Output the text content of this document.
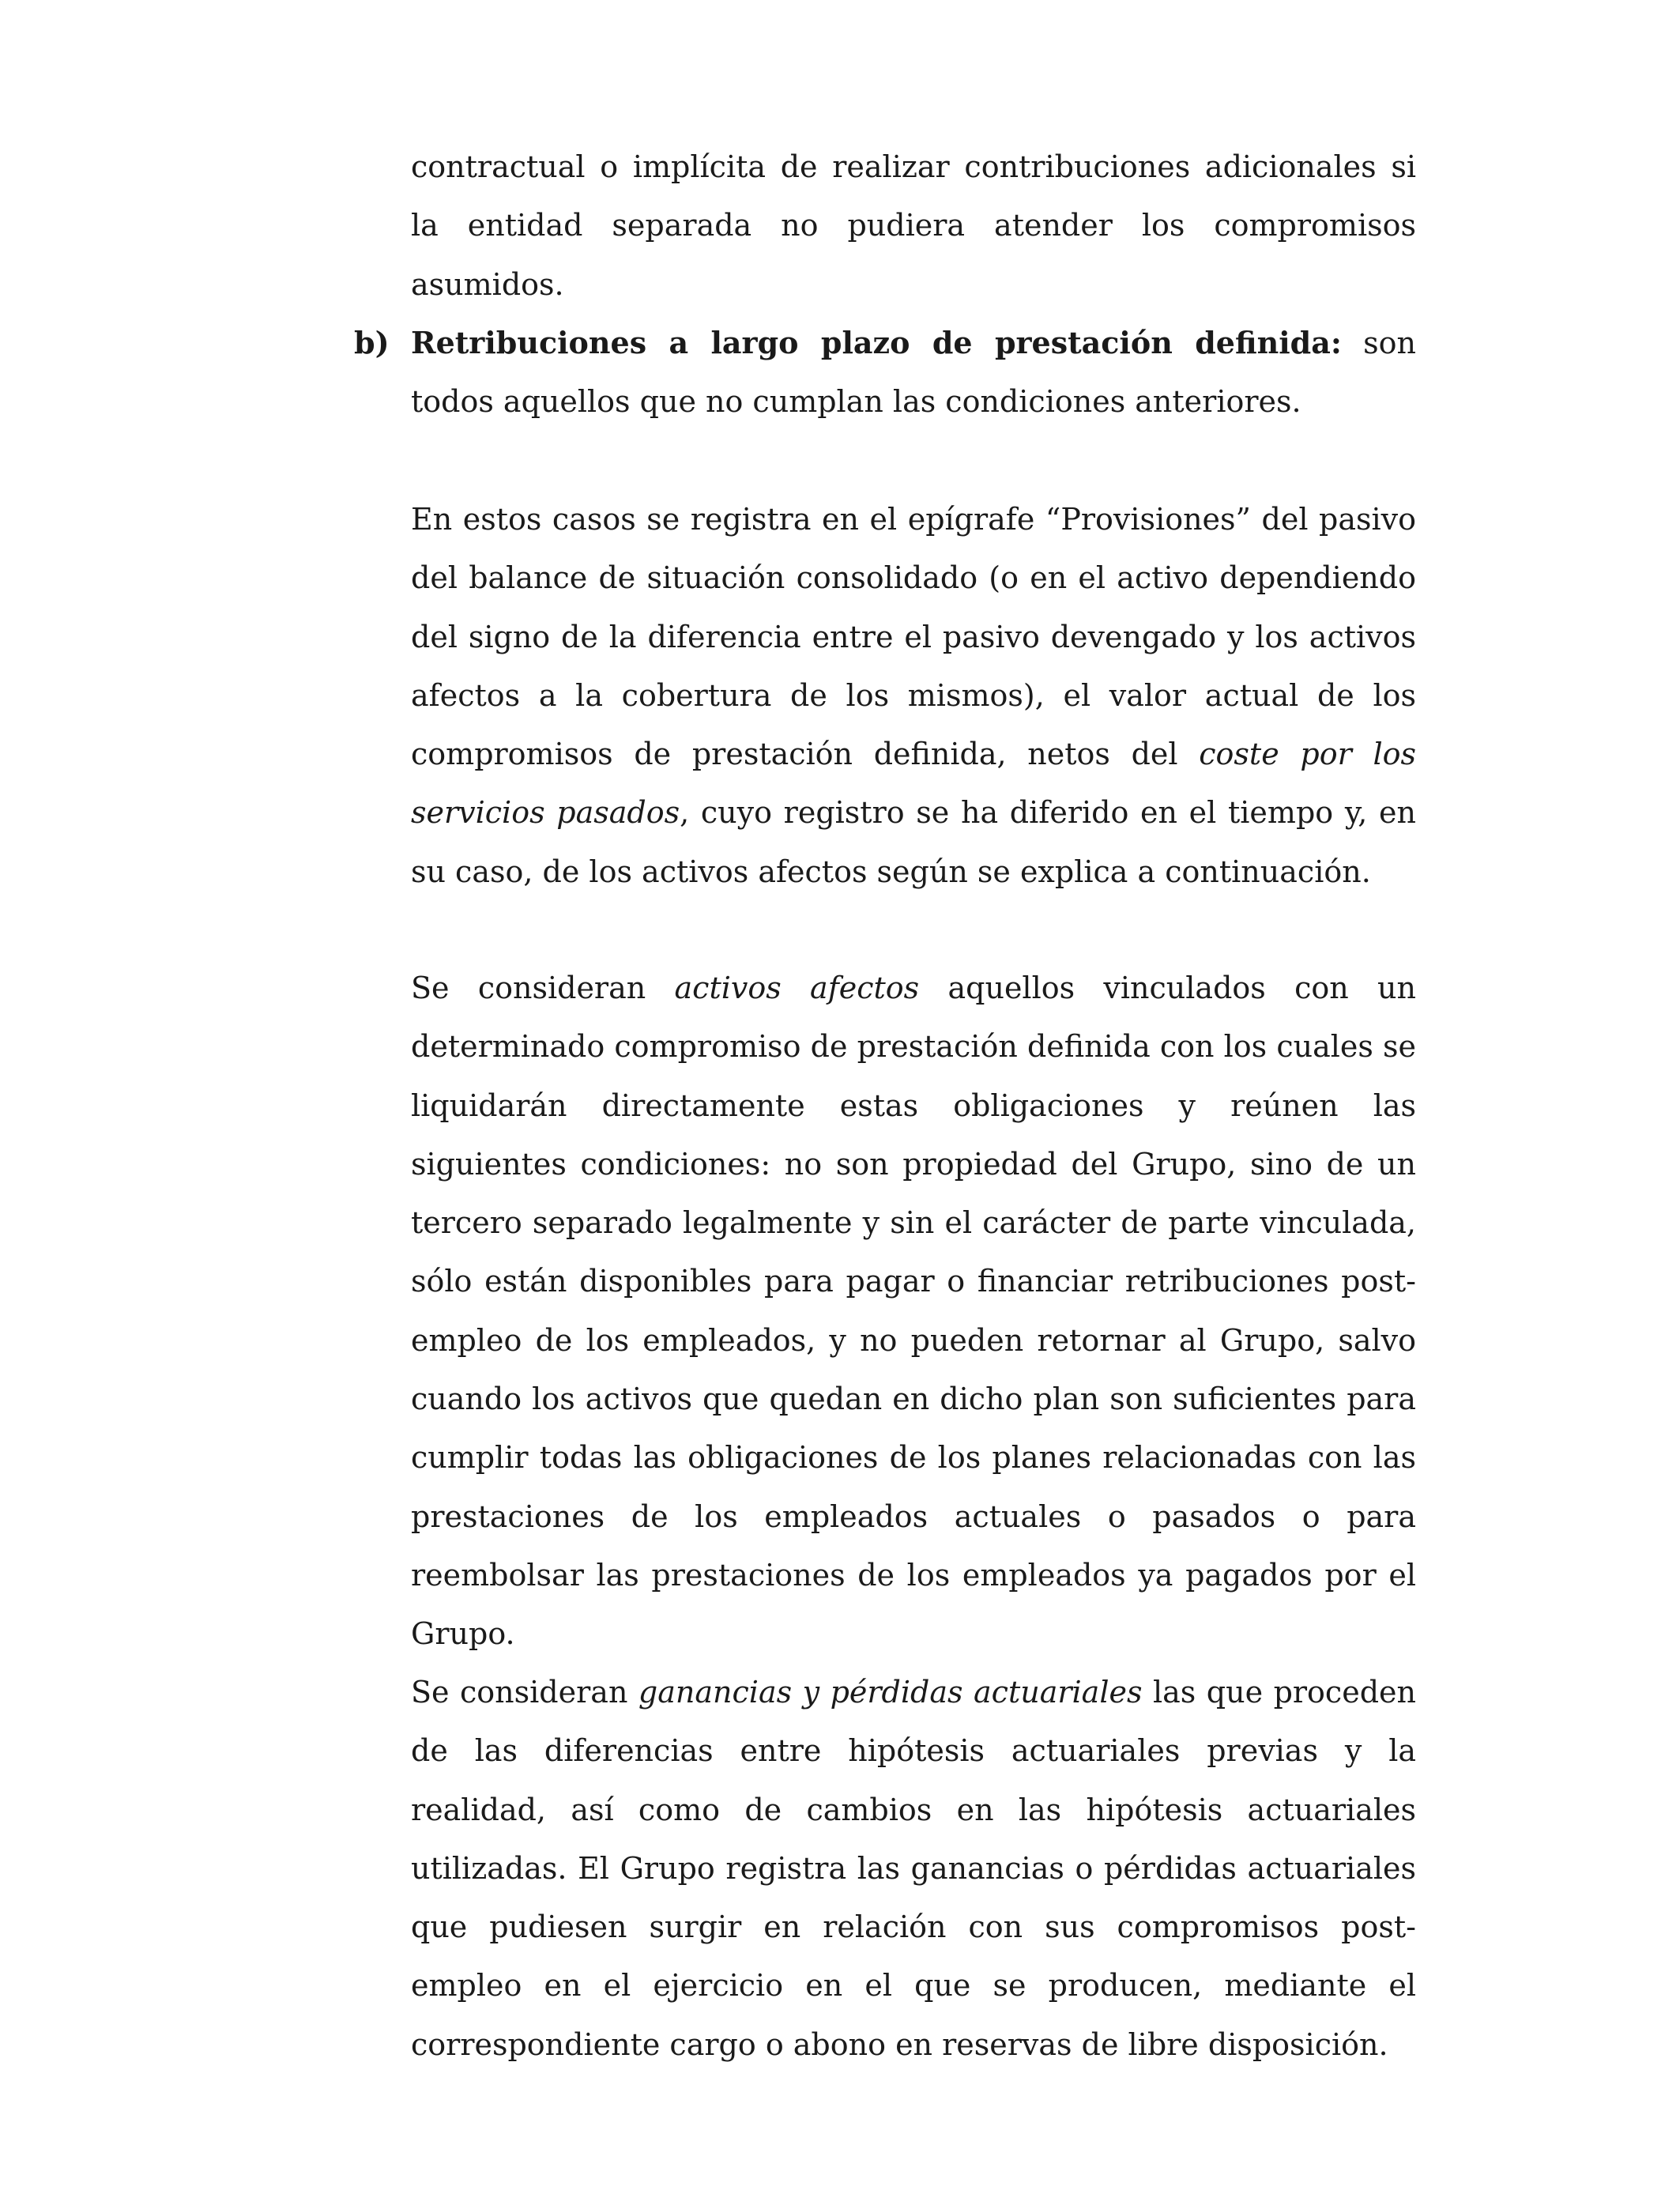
contractual o implícita de realizar contribuciones adicionales si la entidad separada no pudiera atender los compromisos asumidos.

b) Retribuciones a largo plazo de prestación definida: son todos aquellos que no cumplan las condiciones anteriores.

En estos casos se registra en el epígrafe “Provisiones” del pasivo del balance de situación consolidado (o en el activo dependiendo del signo de la diferencia entre el pasivo devengado y los activos afectos a la cobertura de los mismos), el valor actual de los compromisos de prestación definida, netos del coste por los servicios pasados, cuyo registro se ha diferido en el tiempo y, en su caso, de los activos afectos según se explica a continuación.

Se consideran activos afectos aquellos vinculados con un determinado compromiso de prestación definida con los cuales se liquidarán directamente estas obligaciones y reúnen las siguientes condiciones: no son propiedad del Grupo, sino de un tercero separado legalmente y sin el carácter de parte vinculada, sólo están disponibles para pagar o financiar retribuciones post-empleo de los empleados, y no pueden retornar al Grupo, salvo cuando los activos que quedan en dicho plan son suficientes para cumplir todas las obligaciones de los planes relacionadas con las prestaciones de los empleados actuales o pasados o para reembolsar las prestaciones de los empleados ya pagados por el Grupo.

Se consideran ganancias y pérdidas actuariales las que proceden de las diferencias entre hipótesis actuariales previas y la realidad, así como de cambios en las hipótesis actuariales utilizadas. El Grupo registra las ganancias o pérdidas actuariales que pudiesen surgir en relación con sus compromisos post-empleo en el ejercicio en el que se producen, mediante el correspondiente cargo o abono en reservas de libre disposición.
